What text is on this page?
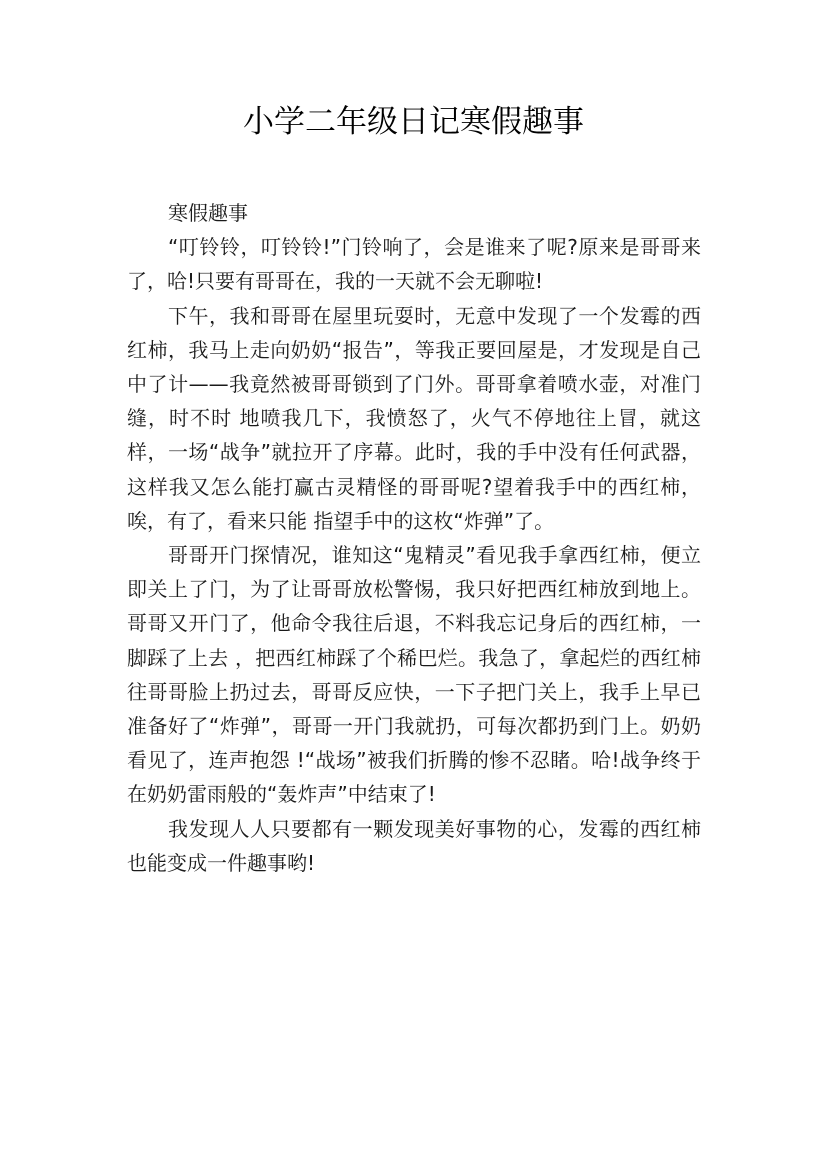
小学二年级日记寒假趣事

寒假趣事

“叮铃铃，叮铃铃!”门铃响了，会是谁来了呢?原来是哥哥来了，哈!只要有哥哥在，我的一天就不会无聊啦!

下午，我和哥哥在屋里玩耍时，无意中发现了一个发霉的西红柿，我马上走向奶奶“报告”，等我正要回屋是，才发现是自己中了计——我竟然被哥哥锁到了门外。哥哥拿着喷水壶，对准门缝，时不时 地喷我几下，我愤怒了，火气不停地往上冒，就这样，一场“战争”就拉开了序幕。此时，我的手中没有任何武器，这样我又怎么能打赢古灵精怪的哥哥呢?望着我手中的西红柿，唉，有了，看来只能 指望手中的这枚“炸弹”了。

哥哥开门探情况，谁知这“鬼精灵”看见我手拿西红柿，便立即关上了门，为了让哥哥放松警惕，我只好把西红柿放到地上。哥哥又开门了，他命令我往后退，不料我忘记身后的西红柿，一脚踩了上去 ，把西红柿踩了个稀巴烂。我急了，拿起烂的西红柿往哥哥脸上扔过去，哥哥反应快，一下子把门关上，我手上早已准备好了“炸弹”，哥哥一开门我就扔，可每次都扔到门上。奶奶看见了，连声抱怨 !“战场”被我们折腾的惨不忍睹。哈!战争终于在奶奶雷雨般的“轰炸声”中结束了!

我发现人人只要都有一颗发现美好事物的心，发霉的西红柿也能变成一件趣事哟!
